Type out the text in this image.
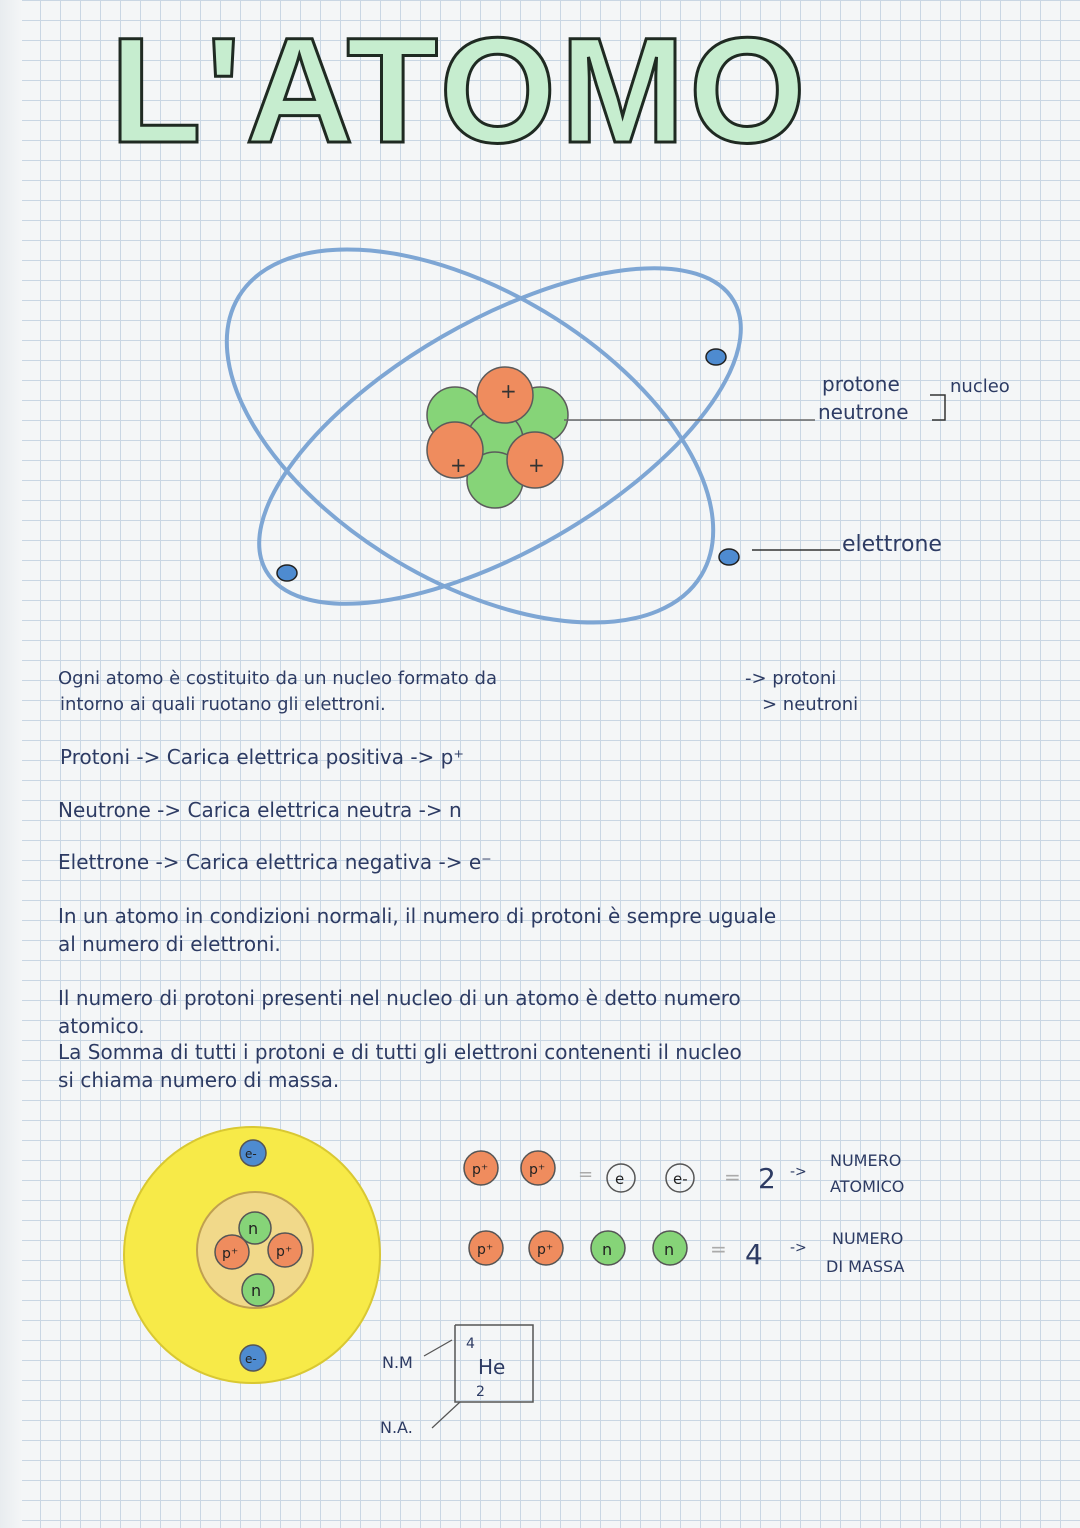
L'ATOMO
+
+	+
protone
neutrone
nucleo
elettrone
Ogni atomo è costituito da un nucleo formato da	-> protoni
intorno ai quali ruotano gli elettroni.	> neutroni
Protoni -> Carica elettrica positiva -> p⁺
Neutrone -> Carica elettrica neutra -> n
Elettrone -> Carica elettrica negativa -> e⁻
In un atomo in condizioni normali, il numero di protoni è sempre uguale
al numero di elettroni.
Il numero di protoni presenti nel nucleo di un atomo è detto numero
atomico.
La Somma di tutti i protoni e di tutti gli elettroni contenenti il nucleo
si chiama numero di massa.
e-
e-
n
n
p⁺	p⁺
p⁺	p⁺ = e	e- = 2 ->
NUMERO
ATOMICO
p⁺	p⁺	n	n = 4 -> NUMERO
DI MASSA
4
He
2
N.M
N.A.
